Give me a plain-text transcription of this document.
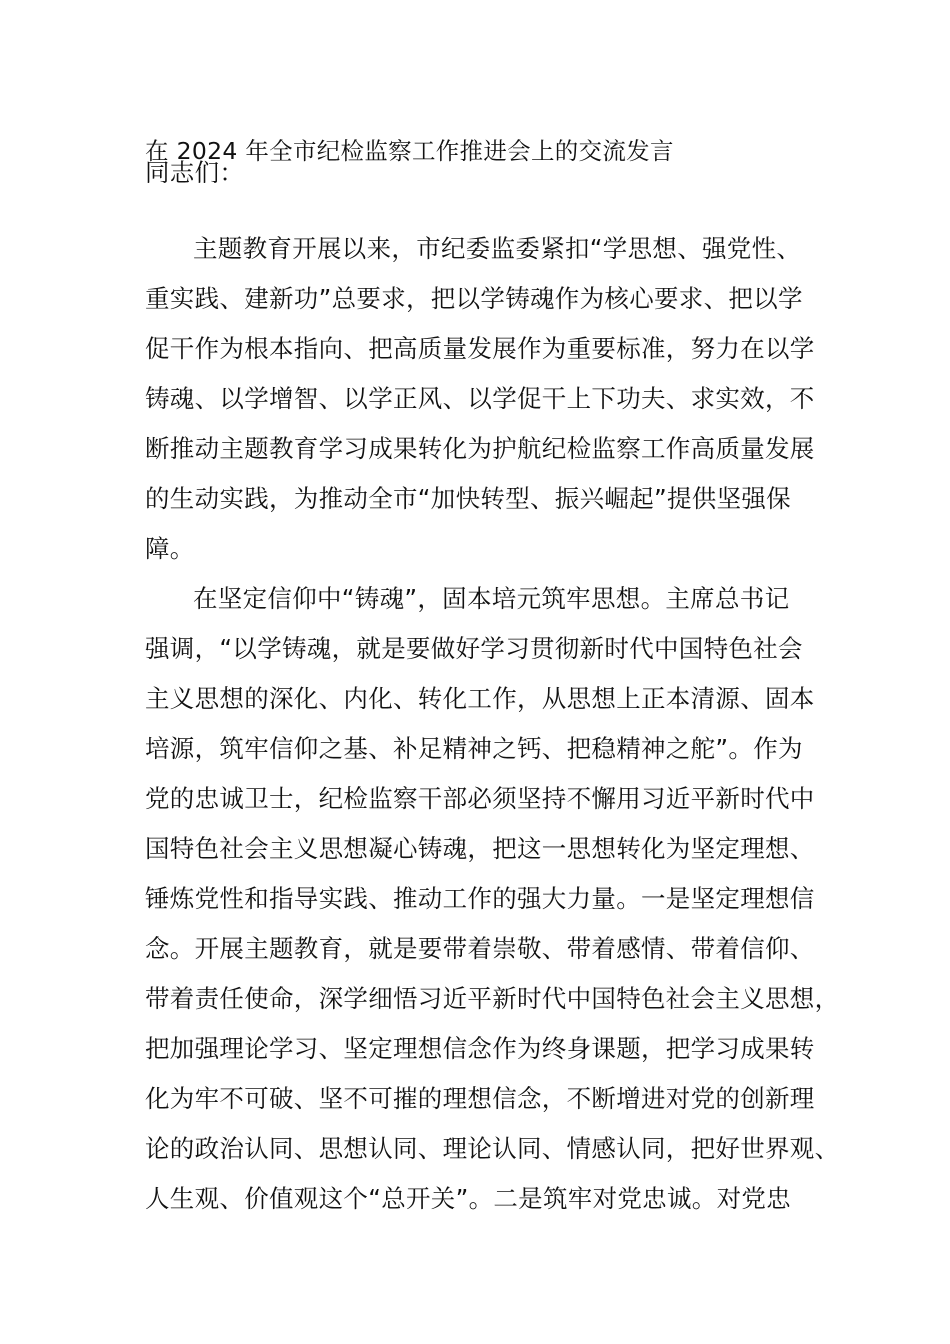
在 2024 年全市纪检监察工作推进会上的交流发言
同志们：
主题教育开展以来，市纪委监委紧扣“学思想、强党性、
重实践、建新功”总要求，把以学铸魂作为核心要求、把以学
促干作为根本指向、把高质量发展作为重要标准，努力在以学
铸魂、以学增智、以学正风、以学促干上下功夫、求实效，不
断推动主题教育学习成果转化为护航纪检监察工作高质量发展
的生动实践，为推动全市“加快转型、振兴崛起”提供坚强保
障。
在坚定信仰中“铸魂”，固本培元筑牢思想。主席总书记
强调，“以学铸魂，就是要做好学习贯彻新时代中国特色社会
主义思想的深化、内化、转化工作，从思想上正本清源、固本
培源，筑牢信仰之基、补足精神之钙、把稳精神之舵”。作为
党的忠诚卫士，纪检监察干部必须坚持不懈用习近平新时代中
国特色社会主义思想凝心铸魂，把这一思想转化为坚定理想、
锤炼党性和指导实践、推动工作的强大力量。一是坚定理想信
念。开展主题教育，就是要带着崇敬、带着感情、带着信仰、
带着责任使命，深学细悟习近平新时代中国特色社会主义思想，
把加强理论学习、坚定理想信念作为终身课题，把学习成果转
化为牢不可破、坚不可摧的理想信念，不断增进对党的创新理
论的政治认同、思想认同、理论认同、情感认同，把好世界观、
人生观、价值观这个“总开关”。二是筑牢对党忠诚。对党忠
